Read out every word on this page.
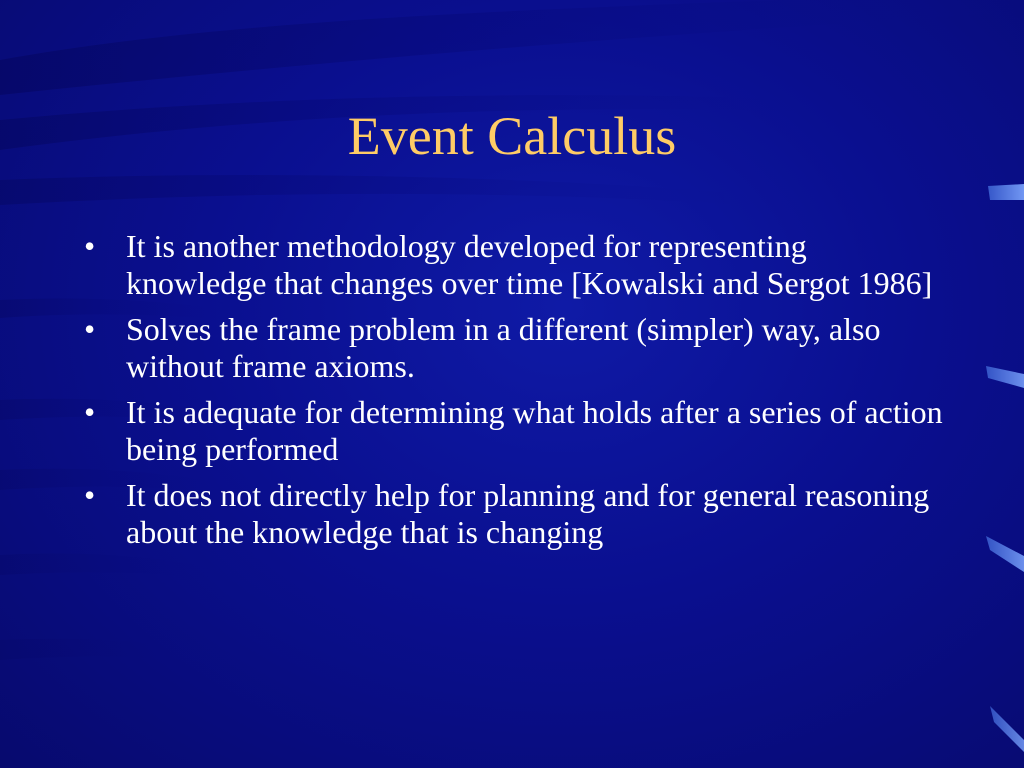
Event Calculus
• It is another methodology developed for representing knowledge that changes over time [Kowalski and Sergot 1986]
• Solves the frame problem in a different (simpler) way, also without frame axioms.
• It is adequate for determining what holds after a series of action being performed
• It does not directly help for planning and for general reasoning about the knowledge that is changing
